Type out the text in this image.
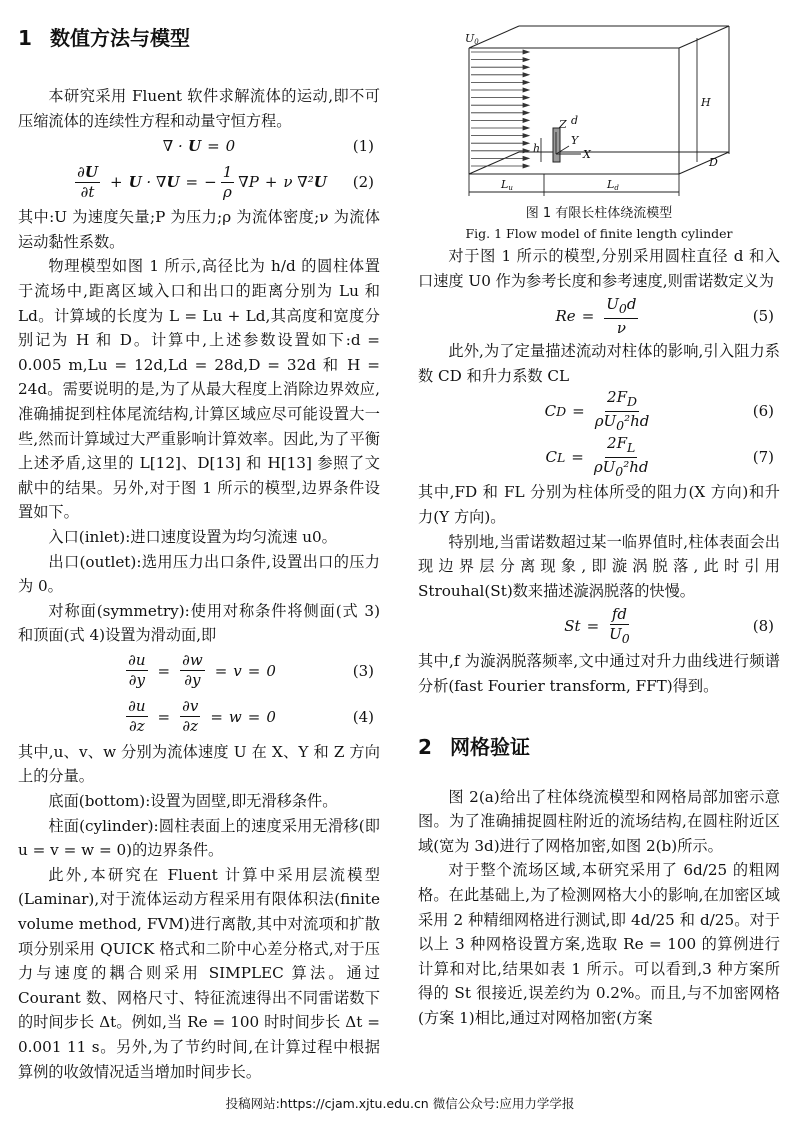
1 数值方法与模型

本研究采用 Fluent 软件求解流体的运动,即不可压缩流体的连续性方程和动量守恒方程。

∇ · U = 0	(1)
$\frac{\partial U}{\partial t} + U$ · ∇ U = − $\frac{1}{\rho} \nabla P + \nu$ ∇² U (2)

其中:U 为速度矢量;P 为压力;ρ 为流体密度;ν 为流体运动黏性系数。

物理模型如图 1 所示,高径比为 h/d 的圆柱体置于流场中,距离区域入口和出口的距离分别为 Lu 和 Ld。计算域的长度为 L = Lu + Ld,其高度和宽度分别记为 H 和 D。计算中,上述参数设置如下:d = 0.005 m,Lu = 12d,Ld = 28d,D = 32d 和 H = 24d。需要说明的是,为了从最大程度上消除边界效应,准确捕捉到柱体尾流结构,计算区域应尽可能设置大一些,然而计算域过大严重影响计算效率。因此,为了平衡上述矛盾,这里的 L[12]、D[13] 和 H[13] 参照了文献中的结果。另外,对于图 1 所示的模型,边界条件设置如下。

入口(inlet):进口速度设置为均匀流速 u0。

出口(outlet):选用压力出口条件,设置出口的压力为 0。

对称面(symmetry):使用对称条件将侧面(式 3)和顶面(式 4)设置为滑动面,即

$\frac{\partial u}{\partial y} = \frac{\partial w}{\partial y} = v = 0$	(3)
$\frac{\partial u}{\partial z} = \frac{\partial v}{\partial z} = w = 0$	(4)

其中,u、v、w 分别为流体速度 U 在 X、Y 和 Z 方向上的分量。

底面(bottom):设置为固壁,即无滑移条件。

柱面(cylinder):圆柱表面上的速度采用无滑移(即 u = v = w = 0)的边界条件。

此外,本研究在 Fluent 计算中采用层流模型(Laminar),对于流体运动方程采用有限体积法(finite volume method, FVM)进行离散,其中对流项和扩散项分别采用 QUICK 格式和二阶中心差分格式,对于压力与速度的耦合则采用 SIMPLEC 算法。通过 Courant 数、网格尺寸、特征流速得出不同雷诺数下的时间步长 Δt。例如,当 Re = 100 时时间步长 Δt = 0.001 11 s。另外,为了节约时间,在计算过程中根据算例的收敛情况适当增加时间步长。

U0
Z
Y
X
d
h
H
D
Lu	Ld
图 1 有限长柱体绕流模型
Fig. 1 Flow model of finite length cylinder

对于图 1 所示的模型,分别采用圆柱直径 d 和入口速度 U0 作为参考长度和参考速度,则雷诺数定义为

$Re = \frac{U_0d}{\nu}$	(5)

此外,为了定量描述流动对柱体的影响,引入阻力系数 CD 和升力系数 CL

C $D = \frac{2F_D}{\rho U_0^2hd}$	(6)
C $L = \frac{2F_L}{\rho U_0^2hd}$	(7)

其中,FD 和 FL 分别为柱体所受的阻力(X 方向)和升力(Y 方向)。

特别地,当雷诺数超过某一临界值时,柱体表面会出现边界层分离现象,即漩涡脱落,此时引用 Strouhal(St)数来描述漩涡脱落的快慢。

$St = \frac{fd}{U_0}$	(8)

其中,f 为漩涡脱落频率,文中通过对升力曲线进行频谱分析(fast Fourier transform, FFT)得到。

2 网格验证

图 2(a)给出了柱体绕流模型和网格局部加密示意图。为了准确捕捉圆柱附近的流场结构,在圆柱附近区域(宽为 3d)进行了网格加密,如图 2(b)所示。

对于整个流场区域,本研究采用了 6d/25 的粗网格。在此基础上,为了检测网格大小的影响,在加密区域采用 2 种精细网格进行测试,即 4d/25 和 d/25。对于以上 3 种网格设置方案,选取 Re = 100 的算例进行计算和对比,结果如表 1 所示。可以看到,3 种方案所得的 St 很接近,误差约为 0.2%。而且,与不加密网格(方案 1)相比,通过对网格加密(方案

投稿网站:https://cjam.xjtu.edu.cn 微信公众号:应用力学学报
